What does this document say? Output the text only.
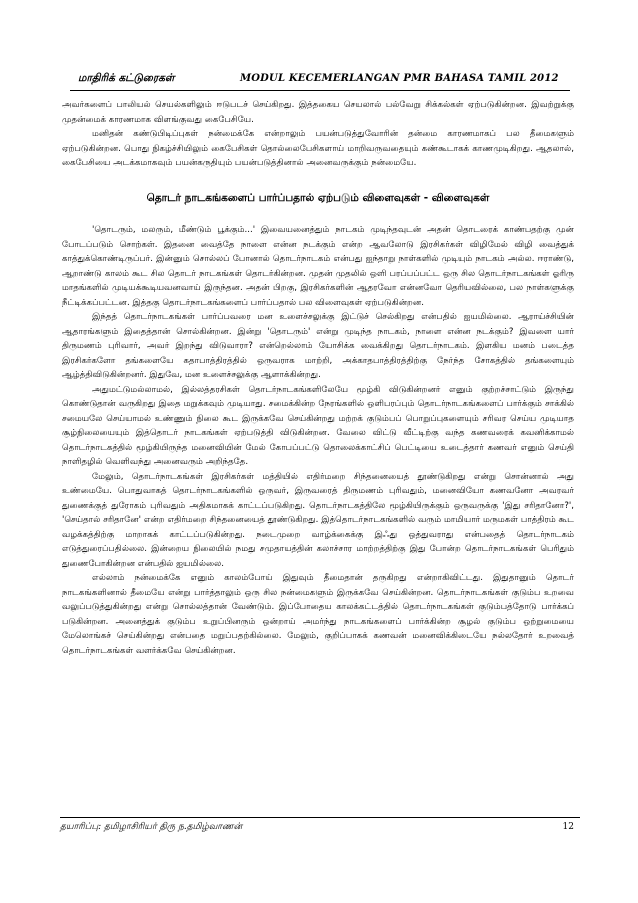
மாதிரிக் கட்டுரைகள்	MODUL KECEMERLANGAN PMR BAHASA TAMIL 2012

அவர்களைப் பாலியல் செயல்களிலும் ஈடுபடச் செய்கிறது. இத்தகைய செயலால் பல்வேறு சிக்கல்கள் ஏற்படுகின்றன. இவற்றுக்கு முதன்மைக் காரணமாக விளங்குவது கைபேசியே.

மனிதன் கண்டுபிடிப்புகள் நன்மைக்கே என்றாலும் பயன்படுத்துவோரின் தன்மை காரணமாகப் பல தீமைகளும் ஏற்படுகின்றன. பொது நிகழ்ச்சியிலும் கைபேசிகள் தொல்லைபேசிகளாய் மாறிவருவதையும் கண்கூடாகக் காணமுடிகிறது. ஆதலால், கைபேசியை அடக்கமாகவும் பயன்கருதியும் பயன்படுத்தினால் அனைவருக்கும் நன்மையே.

தொடர் நாடகங்களைப் பார்ப்பதால் ஏற்படும் விளைவுகள் - விளைவுகள்

'தொடரும், மலரும், மீண்டும் பூக்கும்...' இவையனைத்தும் நாடகம் முடிந்தவுடன் அதன் தொடரைக் காண்பதற்கு முன் போடப்படும் சொற்கள். இதனை வைத்தே நாளை என்ன நடக்கும் என்ற ஆவலோடு இரசிகர்கள் விழிமேல் விழி வைத்துக் காத்துக்கொண்டிருப்பர். இன்னும் சொல்லப் போனால் தொடர்நாடகம் என்பது ஐந்தாறு நாள்களில் முடியும் நாடகம் அல்ல. ஈராண்டு, ஆறாண்டு காலம் கூட சில தொடர் நாடகங்கள் தொடர்கின்றன. முதன் முதலில் ஒளி பரப்பப்பட்ட ஒரு சில தொடர்நாடகங்கள் ஓரிரு மாதங்களில் முடியக்கூடியவனவாய் இருந்தன. அதன் பிறகு, இரசிகர்களின் ஆதரவோ என்னவோ தெரியவில்லை, பல நாள்களுக்கு நீட்டிக்கப்பட்டன. இத்தகு தொடர்நாடகங்களைப் பார்ப்பதால் பல விளைவுகள் ஏற்படுகின்றன.

இந்தத் தொடர்நாடகங்கள் பார்ப்பவரை மன உளைச்சலுக்கு இட்டுச் செல்கிறது என்பதில் ஐயமில்லை. ஆராய்ச்சியின் ஆதாரங்களும் இதைத்தான் சொல்கின்றன. இன்று 'தொடரும்' என்று முடிந்த நாடகம், நாளை என்ன நடக்கும்? இவளை யார் திருமணம் புரிவார், அவர் இறந்து விடுவாரா? என்றெல்லாம் யோசிக்க வைக்கிறது தொடர்நாடகம். இளகிய மனம் படைத்த இரசிகர்களோ தங்களையே கதாபாத்திரத்தில் ஒருவராக மாற்றி, அக்காதபாத்திரத்திற்கு நேர்ந்த சோகத்தில் தங்களையும் ஆழ்த்திவிடுகின்றனர். இதுவே, மன உளைச்சலுக்கு ஆளாக்கின்றது.

அதுமட்டுமல்லாமல், இல்லத்தரசிகள் தொடர்நாடகங்களிலேயே மூழ்கி விடுகின்றனர் எனும் குற்றச்சாட்டும் இருந்து கொண்டுதான் வருகிறது இதை மறுக்கவும் முடியாது. சமைக்கின்ற நேரங்களில் ஒளிபரப்பும் தொடர்நாடகங்களைப் பார்க்கும் சாக்கில் சமையலே செய்யாமல் உண்ணும் நிலை கூட இருக்கவே செய்கின்றது மற்றக் குடும்பப் பொறுப்புகளையும் சரிவர செய்ய முடியாத சூழ்நிலையையும் இத்தொடர் நாடகங்கள் ஏற்படுத்தி விடுகின்றன. வேலை விட்டு வீட்டிற்கு வந்த கணவரைக் கவனிக்காமல் தொடர்நாடகத்தில் மூழ்கியிருந்த மனைவியின் மேல் கோபப்பட்டு தொலைக்காட்சிப் பெட்டியை உடைத்தார் கணவர் எனும் செய்தி நாளிதழில் வெளிவந்து அனைவரும் அறிந்ததே.

மேலும், தொடர்நாடகங்கள் இரசிகர்கள் மத்தியில் எதிர்மறை சிந்தனையைத் தூண்டுகிறது என்று சொன்னால் அது உண்மையே. பொதுவாகத் தொடர்நாடகங்களில் ஒருவர், இருவரைத் திருமணம் புரிவதும், மனைவியோ கணவனோ அவரவர் துணைக்குத் துரோகம் புரிவதும் அதிகமாகக் காட்டப்படுகிறது. தொடர்நாடகத்திலே மூழ்கியிருக்கும் ஒருவருக்கு 'இது சரிதானோ?', 'செய்தால் சரிதானே' என்ற எதிர்மறை சிந்தனையைத் தூண்டுகிறது. இத்தொடர்நாடகங்களில் வரும் மாமியார் மருமகள் பாத்திரம் கூட வழக்கத்திற்கு மாறாகக் காட்டப்படுகின்றது. நடைமுறை வாழ்க்கைக்கு இஃது ஒத்துவராது என்பதைத் தொடர்நாடகம் எடுத்துரைப்பதில்லை. இன்றைய நிலையில் நமது சமுதாயத்தின் கலாச்சார மாற்றத்திற்கு இது போன்ற தொடர்நாடகங்கள் பெரிதும் துணைபோகின்றன என்பதில் ஐயமில்லை.

எல்லாம் நன்மைக்கே எனும் காலம்போய் இதுவும் தீமைதான் தருகிறது என்றாகிவிட்டது. இதுதானும் தொடர் நாடகங்களினால் தீமையே என்று பார்த்தாலும் ஒரு சில நன்மைகளும் இருக்கவே செய்கின்றன. தொடர்நாடகங்கள் குடும்ப உறவை வலுப்படுத்துகின்றது என்று சொல்லத்தான் வேண்டும். இப்போதைய காலக்கட்டத்தில் தொடர்நாடகங்கள் குடும்பத்தோடு பார்க்கப் படுகின்றன. அனைத்துக் குடும்ப உறுப்பினரும் ஒன்றாய் அமர்ந்து நாடகங்களைப் பார்க்கின்ற சூழல் குடும்ப ஒற்றுமையை மேலொங்கச் செய்கின்றது என்பதை மறுப்பதற்கில்லை. மேலும், குறிப்பாகக் கணவன் மனைவிக்கிடையே நல்லதோர் உறவைத் தொடர்நாடகங்கள் வளர்க்கவே செய்கின்றன.

தயாரிப்பு: தமிழாசிரியர் திரு ந.தமிழ்வாணன்	12
